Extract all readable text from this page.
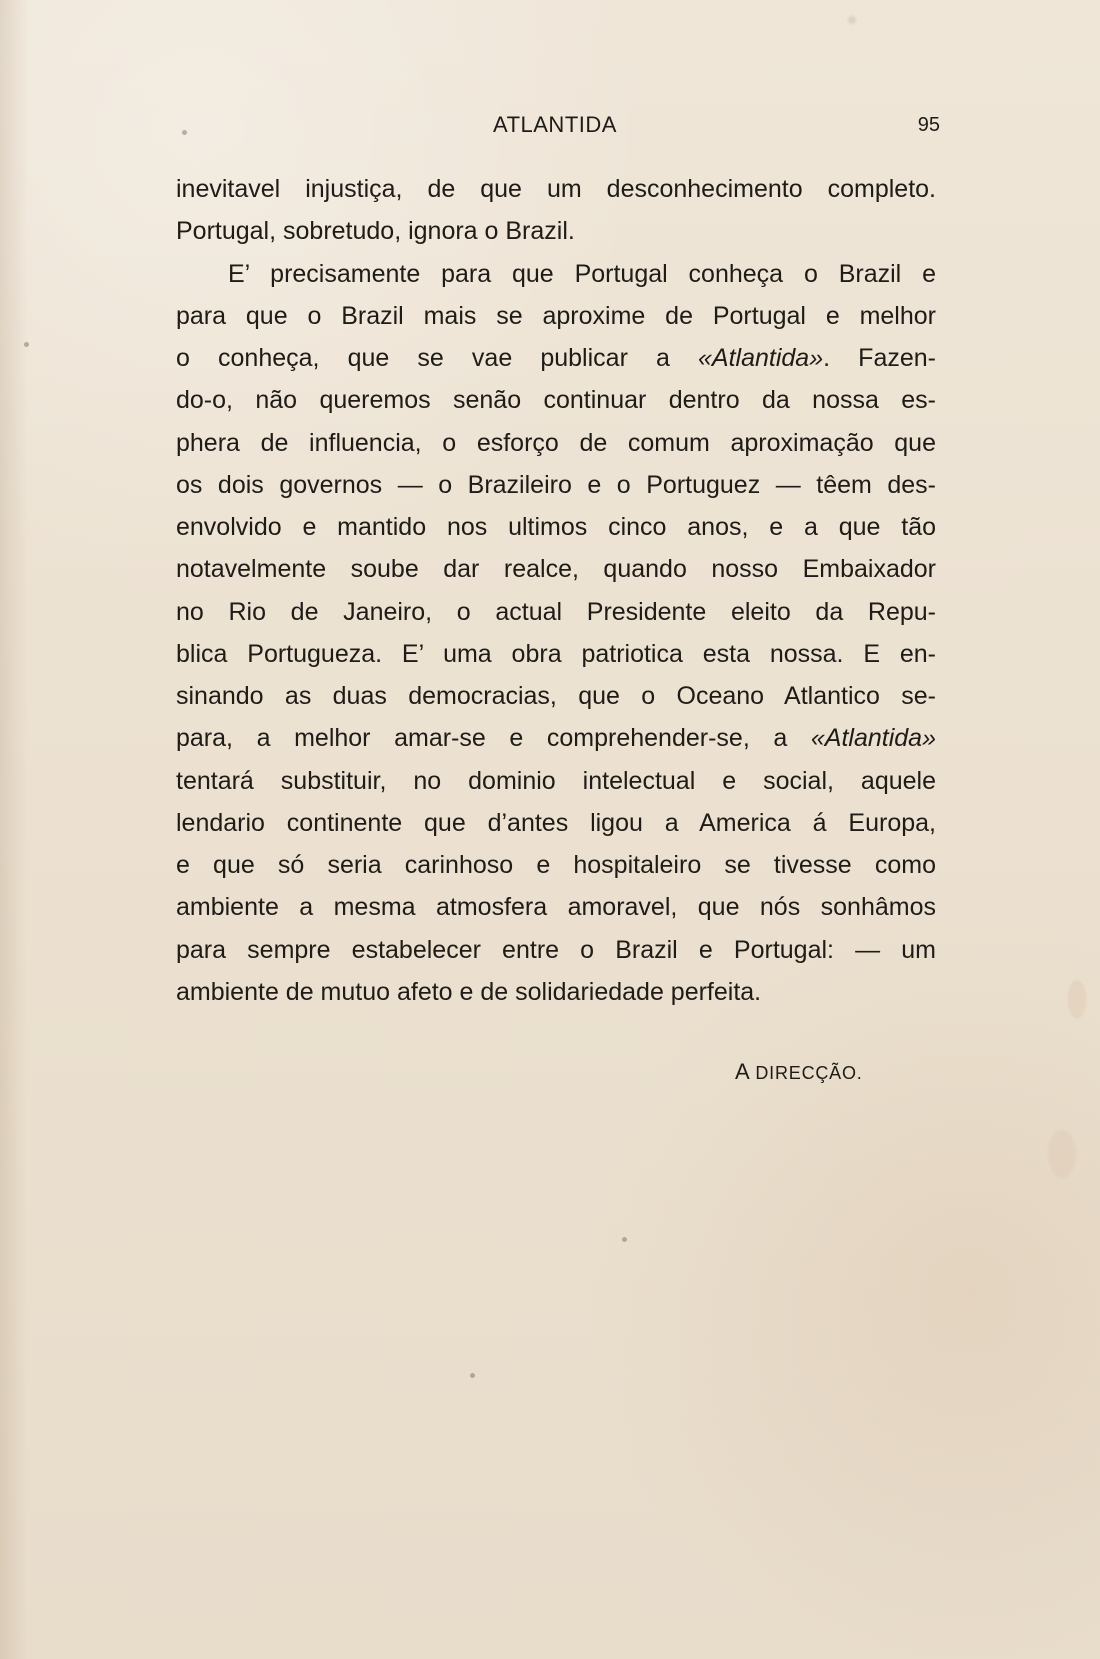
ATLANTIDA	95
inevitavel injustiça, de que um desconhecimento completo.
Portugal, sobretudo, ignora o Brazil.
E’ precisamente para que Portugal conheça o Brazil e
para que o Brazil mais se aproxime de Portugal e melhor
o conheça, que se vae publicar a «Atlantida». Fazen-
do-o, não queremos senão continuar dentro da nossa es-
phera de influencia, o esforço de comum aproximação que
os dois governos — o Brazileiro e o Portuguez — têem des-
envolvido e mantido nos ultimos cinco anos, e a que tão
notavelmente soube dar realce, quando nosso Embaixador
no Rio de Janeiro, o actual Presidente eleito da Repu-
blica Portugueza. E’ uma obra patriotica esta nossa. E en-
sinando as duas democracias, que o Oceano Atlantico se-
para, a melhor amar-se e comprehender-se, a «Atlantida»
tentará substituir, no dominio intelectual e social, aquele
lendario continente que d’antes ligou a America á Europa,
e que só seria carinhoso e hospitaleiro se tivesse como
ambiente a mesma atmosfera amoravel, que nós sonhâmos
para sempre estabelecer entre o Brazil e Portugal: — um
ambiente de mutuo afeto e de solidariedade perfeita.
A DIRECÇÃO.
